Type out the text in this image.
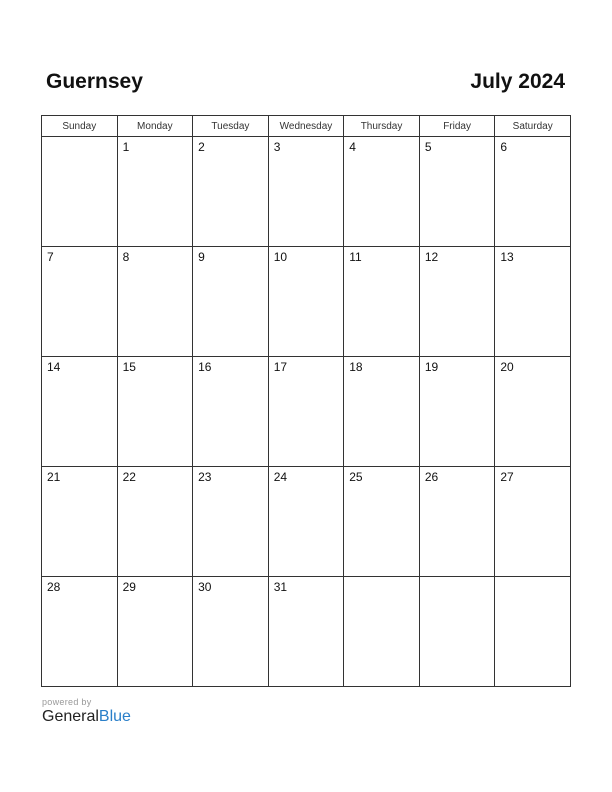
Guernsey	July 2024
Sunday	Monday	Tuesday	Wednesday	Thursday	Friday	Saturday

	1	2	3	4	5	6

7	8	9	10	11	12	13

14	15	16	17	18	19	20

21	22	23	24	25	26	27

28	29	30	31			

powered by
GeneralBlue
